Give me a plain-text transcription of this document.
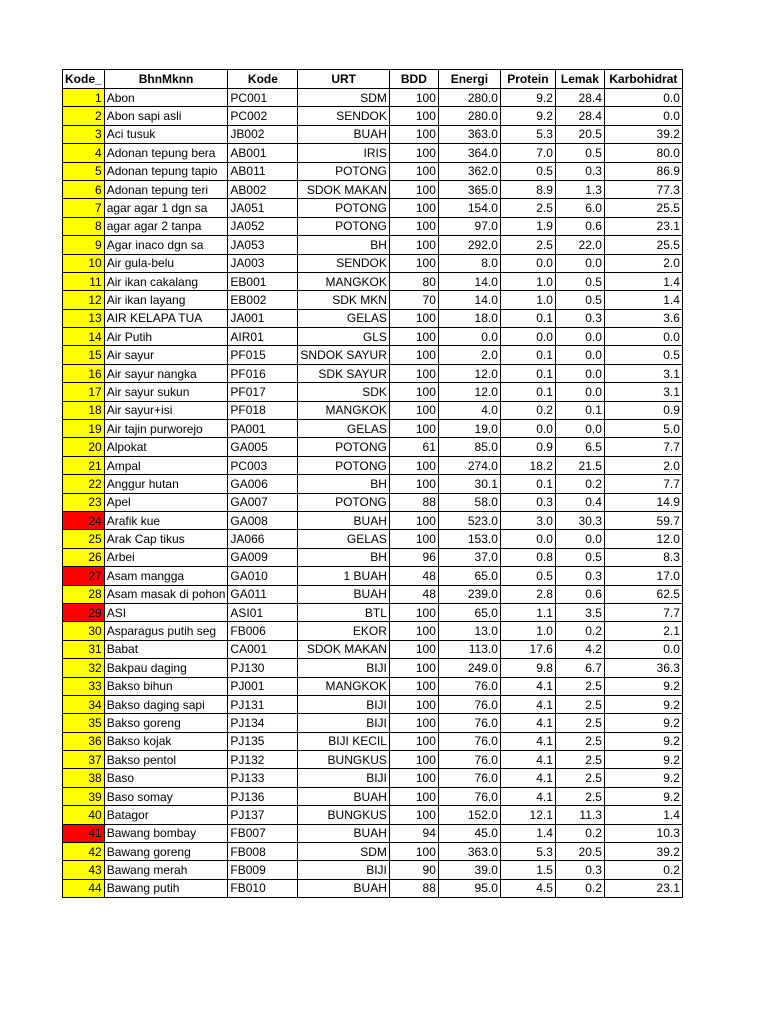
Kode_	BhnMknn	Kode	URT	BDD	Energi	Protein	Lemak	Karbohidrat
1	Abon	PC001	SDM	100	280.0	9.2	28.4	0.0
2	Abon sapi asli	PC002	SENDOK	100	280.0	9.2	28.4	0.0
3	Aci tusuk	JB002	BUAH	100	363.0	5.3	20.5	39.2
4	Adonan tepung bera	AB001	IRIS	100	364.0	7.0	0.5	80.0
5	Adonan tepung tapio	AB011	POTONG	100	362.0	0.5	0.3	86.9
6	Adonan tepung teri	AB002	SDOK MAKAN	100	365.0	8.9	1.3	77.3
7	agar agar 1 dgn sa	JA051	POTONG	100	154.0	2.5	6.0	25.5
8	agar agar 2 tanpa	JA052	POTONG	100	97.0	1.9	0.6	23.1
9	Agar inaco dgn sa	JA053	BH	100	292.0	2.5	22.0	25.5
10	Air gula-belu	JA003	SENDOK	100	8.0	0.0	0.0	2.0
11	Air ikan cakalang	EB001	MANGKOK	80	14.0	1.0	0.5	1.4
12	Air ikan layang	EB002	SDK MKN	70	14.0	1.0	0.5	1.4
13	AIR KELAPA TUA	JA001	GELAS	100	18.0	0.1	0.3	3.6
14	Air Putih	AIR01	GLS	100	0.0	0.0	0.0	0.0
15	Air sayur	PF015	SNDOK SAYUR	100	2.0	0.1	0.0	0.5
16	Air sayur nangka	PF016	SDK SAYUR	100	12.0	0.1	0.0	3.1
17	Air sayur sukun	PF017	SDK	100	12.0	0.1	0.0	3.1
18	Air sayur+isi	PF018	MANGKOK	100	4.0	0.2	0.1	0.9
19	Air tajin purworejo	PA001	GELAS	100	19.0	0.0	0.0	5.0
20	Alpokat	GA005	POTONG	61	85.0	0.9	6.5	7.7
21	Ampal	PC003	POTONG	100	274.0	18.2	21.5	2.0
22	Anggur hutan	GA006	BH	100	30.1	0.1	0.2	7.7
23	Apel	GA007	POTONG	88	58.0	0.3	0.4	14.9
24	Arafik kue	GA008	BUAH	100	523.0	3.0	30.3	59.7
25	Arak Cap tikus	JA066	GELAS	100	153.0	0.0	0.0	12.0
26	Arbei	GA009	BH	96	37.0	0.8	0.5	8.3
27	Asam mangga	GA010	1 BUAH	48	65.0	0.5	0.3	17.0
28	Asam masak di pohon	GA011	BUAH	48	239.0	2.8	0.6	62.5
29	ASI	ASI01	BTL	100	65.0	1.1	3.5	7.7
30	Asparagus putih seg	FB006	EKOR	100	13.0	1.0	0.2	2.1
31	Babat	CA001	SDOK MAKAN	100	113.0	17.6	4.2	0.0
32	Bakpau daging	PJ130	BIJI	100	249.0	9.8	6.7	36.3
33	Bakso bihun	PJ001	MANGKOK	100	76.0	4.1	2.5	9.2
34	Bakso daging sapi	PJ131	BIJI	100	76.0	4.1	2.5	9.2
35	Bakso goreng	PJ134	BIJI	100	76.0	4.1	2.5	9.2
36	Bakso kojak	PJ135	BIJI KECIL	100	76.0	4.1	2.5	9.2
37	Bakso pentol	PJ132	BUNGKUS	100	76.0	4.1	2.5	9.2
38	Baso	PJ133	BIJI	100	76.0	4.1	2.5	9.2
39	Baso somay	PJ136	BUAH	100	76.0	4.1	2.5	9.2
40	Batagor	PJ137	BUNGKUS	100	152.0	12.1	11.3	1.4
41	Bawang bombay	FB007	BUAH	94	45.0	1.4	0.2	10.3
42	Bawang goreng	FB008	SDM	100	363.0	5.3	20.5	39.2
43	Bawang merah	FB009	BIJI	90	39.0	1.5	0.3	0.2
44	Bawang putih	FB010	BUAH	88	95.0	4.5	0.2	23.1
